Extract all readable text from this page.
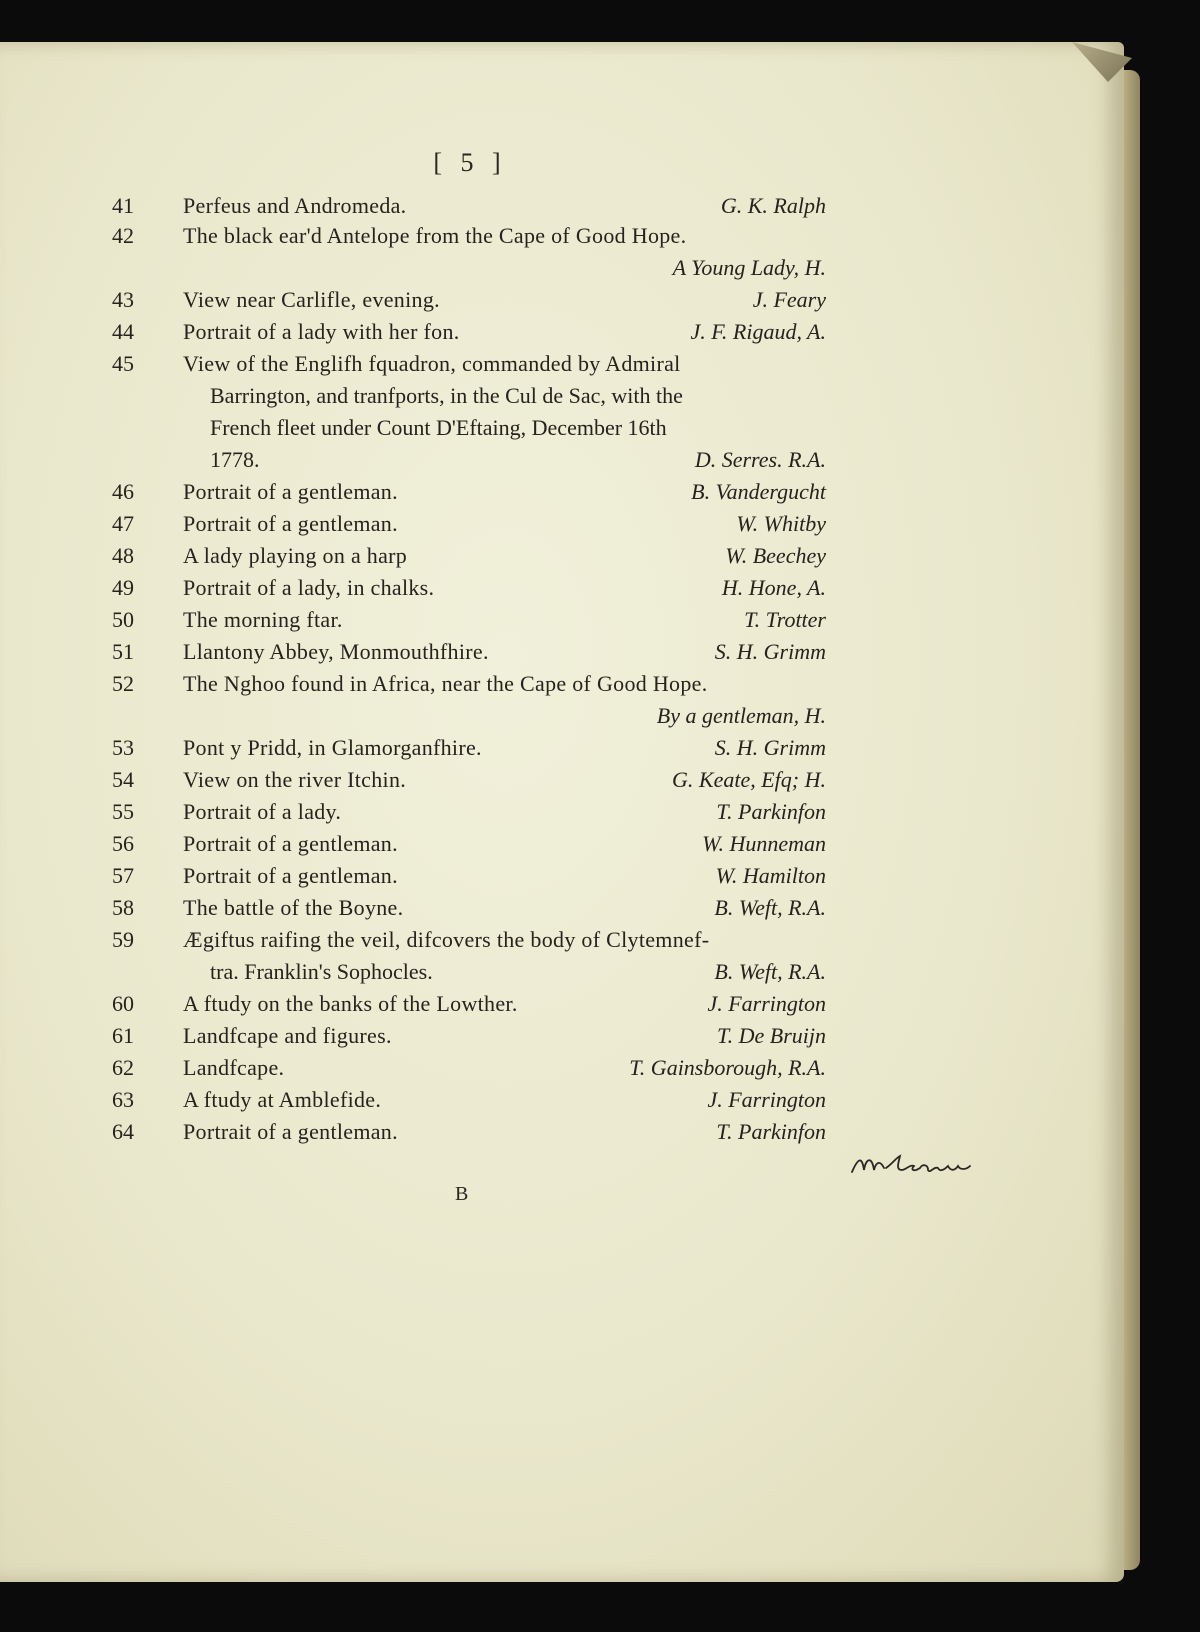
[ 5 ]
41	Perfeus and Andromeda.	G. K. Ralph
42	The black ear'd Antelope from the Cape of Good Hope.
A Young Lady, H.
43	View near Carlifle, evening.	J. Feary
44	Portrait of a lady with her fon.	J. F. Rigaud, A.
45	View of the Englifh fquadron, commanded by Admiral
Barrington, and tranfports, in the Cul de Sac, with the
French fleet under Count D'Eftaing, December 16th
1778.	D. Serres. R.A.
46	Portrait of a gentleman.	B. Vandergucht
47	Portrait of a gentleman.	W. Whitby
48	A lady playing on a harp	W. Beechey
49	Portrait of a lady, in chalks.	H. Hone, A.
50	The morning ftar.	T. Trotter
51	Llantony Abbey, Monmouthfhire.	S. H. Grimm
52	The Nghoo found in Africa, near the Cape of Good Hope.
By a gentleman, H.
53	Pont y Pridd, in Glamorganfhire.	S. H. Grimm
54	View on the river Itchin.	G. Keate, Efq; H.
55	Portrait of a lady.	T. Parkinfon
56	Portrait of a gentleman.	W. Hunneman
57	Portrait of a gentleman.	W. Hamilton
58	The battle of the Boyne.	B. Weft, R.A.
59	Ægiftus raifing the veil, difcovers the body of Clytemnef-
tra. Franklin's Sophocles.	B. Weft, R.A.
60	A ftudy on the banks of the Lowther.	J. Farrington
61	Landfcape and figures.	T. De Bruijn
62	Landfcape.	T. Gainsborough, R.A.
63	A ftudy at Amblefide.	J. Farrington
64	Portrait of a gentleman.	T. Parkinfon
B
